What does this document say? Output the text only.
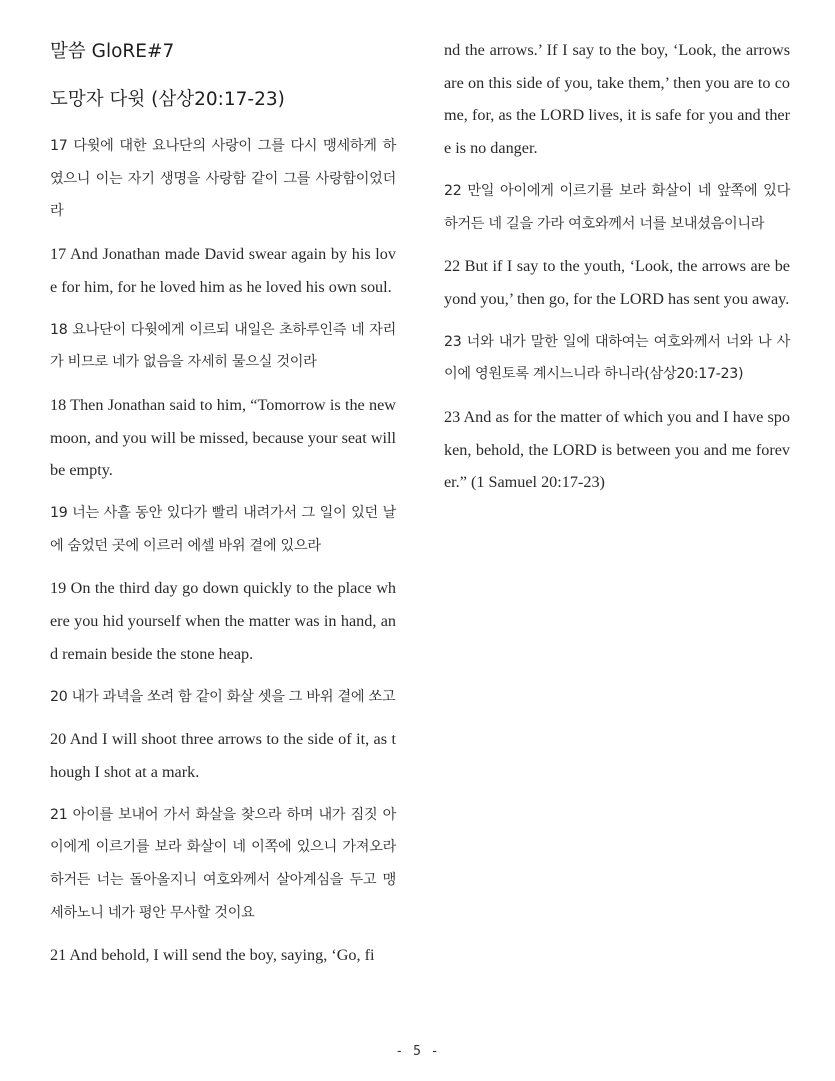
말씀 GloRE#7
도망자 다윗 (삼상20:17-23)

17 다윗에 대한 요나단의 사랑이 그를 다시 맹세하게 하였으니 이는 자기 생명을 사랑함 같이 그를 사랑함이었더라

17 And Jonathan made David swear again by his love for him, for he loved him as he loved his own soul.

18 요나단이 다윗에게 이르되 내일은 초하루인즉 네 자리가 비므로 네가 없음을 자세히 물으실 것이라

18 Then Jonathan said to him, “Tomorrow is the new moon, and you will be missed, because your seat will be empty.

19 너는 사흘 동안 있다가 빨리 내려가서 그 일이 있던 날에 숨었던 곳에 이르러 에셀 바위 곁에 있으라

19 On the third day go down quickly to the place where you hid yourself when the matter was in hand, and remain beside the stone heap.

20 내가 과녁을 쏘려 함 같이 화살 셋을 그 바위 곁에 쏘고

20 And I will shoot three arrows to the side of it, as though I shot at a mark.

21 아이를 보내어 가서 화살을 찾으라 하며 내가 짐짓 아이에게 이르기를 보라 화살이 네 이쪽에 있으니 가져오라 하거든 너는 돌아올지니 여호와께서 살아계심을 두고 맹세하노니 네가 평안 무사할 것이요

21 And behold, I will send the boy, saying, ‘Go, fi

nd the arrows.’ If I say to the boy, ‘Look, the arrows are on this side of you, take them,’ then you are to come, for, as the LORD lives, it is safe for you and there is no danger.

22 만일 아이에게 이르기를 보라 화살이 네 앞쪽에 있다 하거든 네 길을 가라 여호와께서 너를 보내셨음이니라

22 But if I say to the youth, ‘Look, the arrows are beyond you,’ then go, for the LORD has sent you away.

23 너와 내가 말한 일에 대하여는 여호와께서 너와 나 사이에 영원토록 계시느니라 하니라(삼상20:17-23)

23 And as for the matter of which you and I have spoken, behold, the LORD is between you and me forever.” (1 Samuel 20:17-23)

- 5 -
